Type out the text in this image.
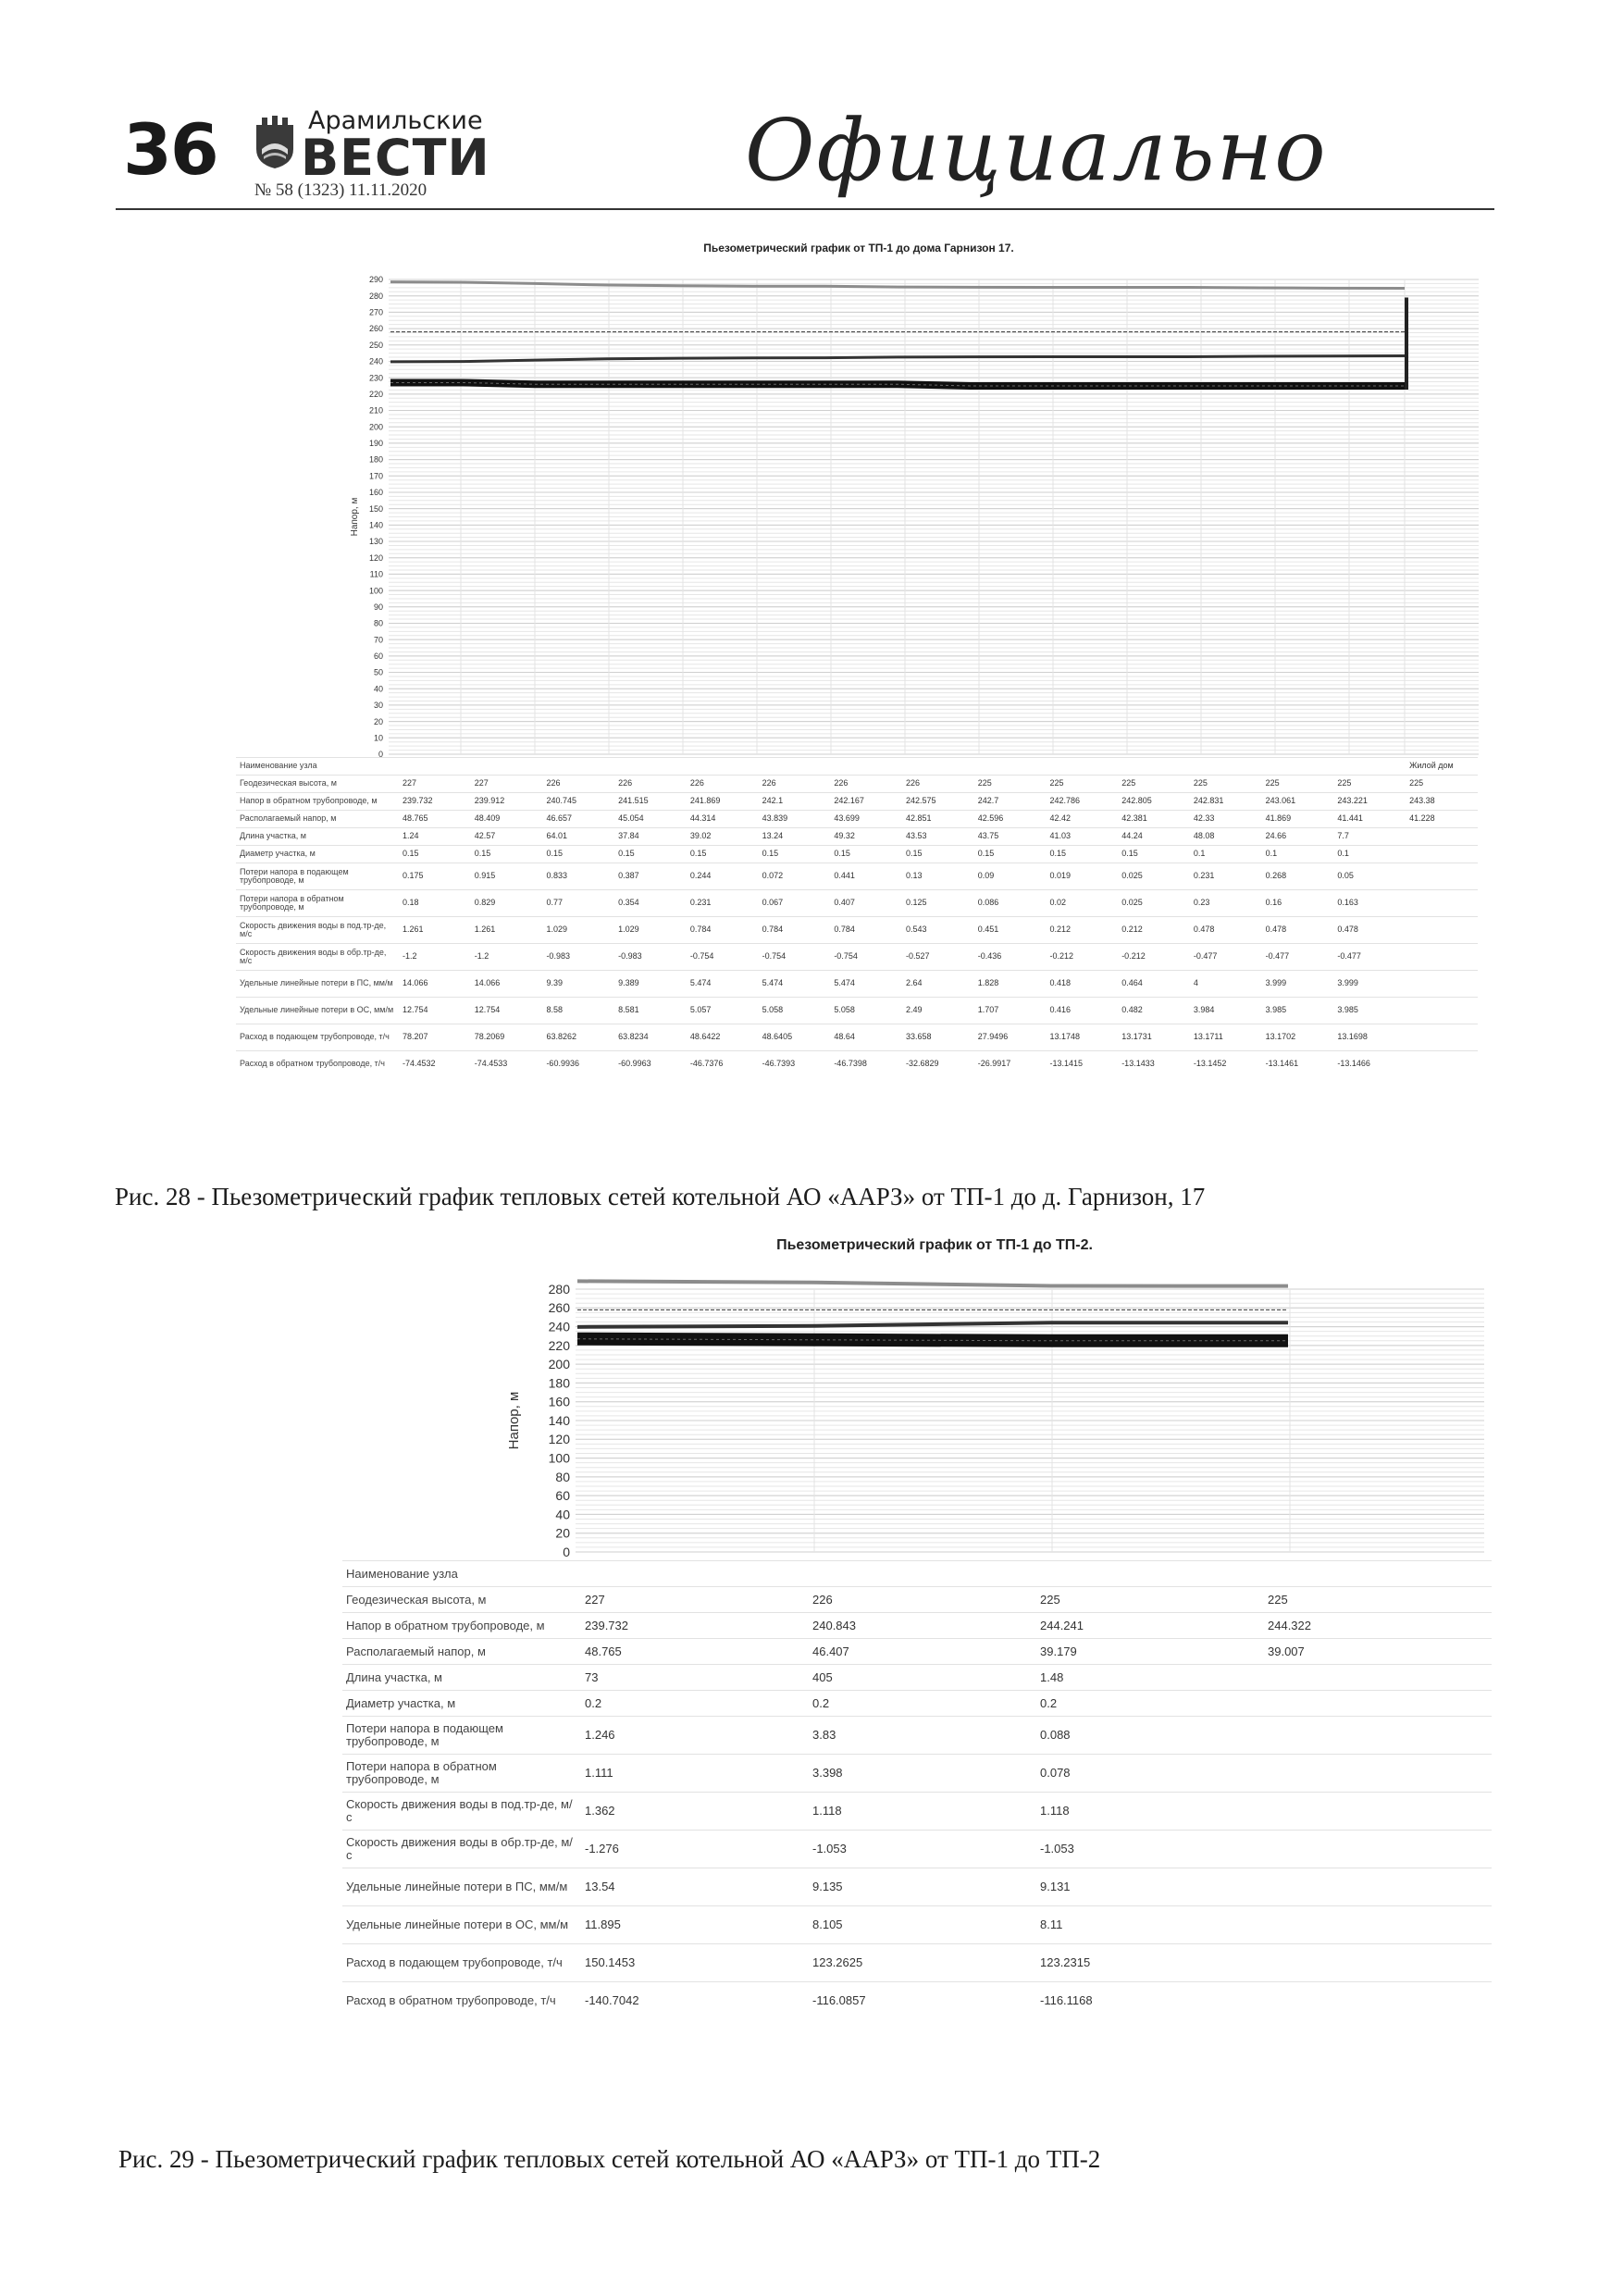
36	Арамильские
ВЕСТИ
№ 58 (1323) 11.11.2020	Официально
Пьезометрический график от ТП-1 до дома Гарнизон 17.
0
10
20
30
40
50
60
70
80
90
100
110
120
130
140
150
160
170
180
190
200
210
220
230
240
250
260
270
280
290
Напор, м
Наименование узла															Жилой дом
Геодезическая высота, м	227	227	226	226	226	226	226	226	225	225	225	225	225	225	225
Напор в обратном трубопроводе, м	239.732	239.912	240.745	241.515	241.869	242.1	242.167	242.575	242.7	242.786	242.805	242.831	243.061	243.221	243.38
Располагаемый напор, м	48.765	48.409	46.657	45.054	44.314	43.839	43.699	42.851	42.596	42.42	42.381	42.33	41.869	41.441	41.228
Длина участка, м	1.24	42.57	64.01	37.84	39.02	13.24	49.32	43.53	43.75	41.03	44.24	48.08	24.66	7.7	
Диаметр участка, м	0.15	0.15	0.15	0.15	0.15	0.15	0.15	0.15	0.15	0.15	0.15	0.1	0.1	0.1	
Потери напора в подающем трубопроводе, м	0.175	0.915	0.833	0.387	0.244	0.072	0.441	0.13	0.09	0.019	0.025	0.231	0.268	0.05	
Потери напора в обратном трубопроводе, м	0.18	0.829	0.77	0.354	0.231	0.067	0.407	0.125	0.086	0.02	0.025	0.23	0.16	0.163	
Скорость движения воды в под.тр-де, м/с	1.261	1.261	1.029	1.029	0.784	0.784	0.784	0.543	0.451	0.212	0.212	0.478	0.478	0.478	
Скорость движения воды в обр.тр-де, м/с	-1.2	-1.2	-0.983	-0.983	-0.754	-0.754	-0.754	-0.527	-0.436	-0.212	-0.212	-0.477	-0.477	-0.477	
Удельные линейные потери в ПС, мм/м	14.066	14.066	9.39	9.389	5.474	5.474	5.474	2.64	1.828	0.418	0.464	4	3.999	3.999	
Удельные линейные потери в ОС, мм/м	12.754	12.754	8.58	8.581	5.057	5.058	5.058	2.49	1.707	0.416	0.482	3.984	3.985	3.985	
Расход в подающем трубопроводе, т/ч	78.207	78.2069	63.8262	63.8234	48.6422	48.6405	48.64	33.658	27.9496	13.1748	13.1731	13.1711	13.1702	13.1698	
Расход в обратном трубопроводе, т/ч	-74.4532	-74.4533	-60.9936	-60.9963	-46.7376	-46.7393	-46.7398	-32.6829	-26.9917	-13.1415	-13.1433	-13.1452	-13.1461	-13.1466	
Рис. 28 - Пьезометрический график тепловых сетей котельной АО «ААРЗ» от ТП-1 до д. Гарнизон, 17
Пьезометрический график от ТП-1 до ТП-2.
0
20
40
60
80
100
120
140
160
180
200
220
240
260
280
Напор, м
Наименование узла				
Геодезическая высота, м	227	226	225	225
Напор в обратном трубопроводе, м	239.732	240.843	244.241	244.322
Располагаемый напор, м	48.765	46.407	39.179	39.007
Длина участка, м	73	405	1.48	
Диаметр участка, м	0.2	0.2	0.2	
Потери напора в подающем трубопроводе, м	1.246	3.83	0.088	
Потери напора в обратном трубопроводе, м	1.111	3.398	0.078	
Скорость движения воды в под.тр-де, м/с	1.362	1.118	1.118	
Скорость движения воды в обр.тр-де, м/с	-1.276	-1.053	-1.053	
Удельные линейные потери в ПС, мм/м	13.54	9.135	9.131	
Удельные линейные потери в ОС, мм/м	11.895	8.105	8.11	
Расход в подающем трубопроводе, т/ч	150.1453	123.2625	123.2315	
Расход в обратном трубопроводе, т/ч	-140.7042	-116.0857	-116.1168	
Рис. 29 - Пьезометрический график тепловых сетей котельной АО «ААРЗ» от ТП-1 до ТП-2
